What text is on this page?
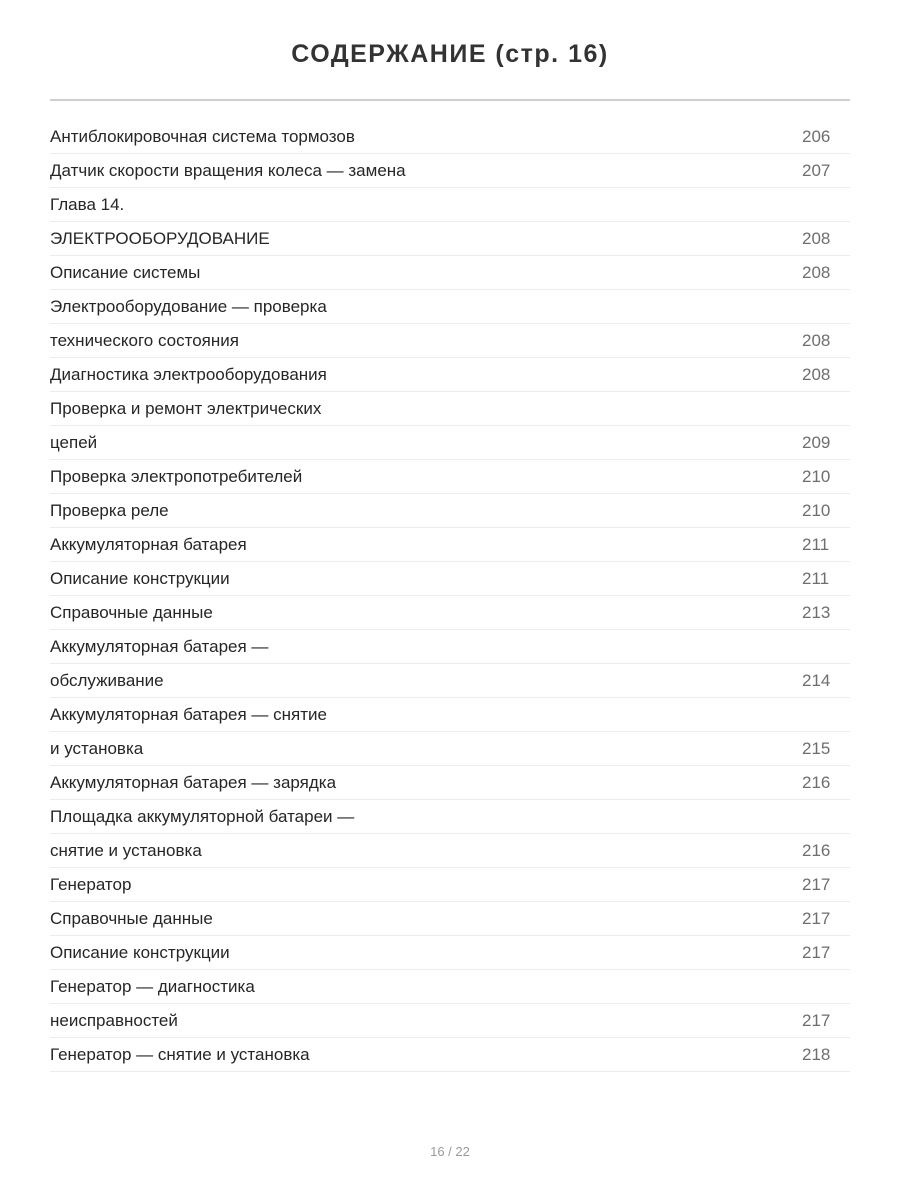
СОДЕРЖАНИЕ (стр. 16)
Антиблокировочная система тормозов	206
Датчик скорости вращения колеса — замена	207
Глава 14.
ЭЛЕКТРООБОРУДОВАНИЕ	208
Описание системы	208
Электрооборудование — проверка
технического состояния	208
Диагностика электрооборудования	208
Проверка и ремонт электрических
цепей	209
Проверка электропотребителей	210
Проверка реле	210
Аккумуляторная батарея	211
Описание конструкции	211
Справочные данные	213
Аккумуляторная батарея —
обслуживание	214
Аккумуляторная батарея — снятие
и установка	215
Аккумуляторная батарея — зарядка	216
Площадка аккумуляторной батареи —
снятие и установка	216
Генератор	217
Справочные данные	217
Описание конструкции	217
Генератор — диагностика
неисправностей	217
Генератор — снятие и установка	218
16 / 22
